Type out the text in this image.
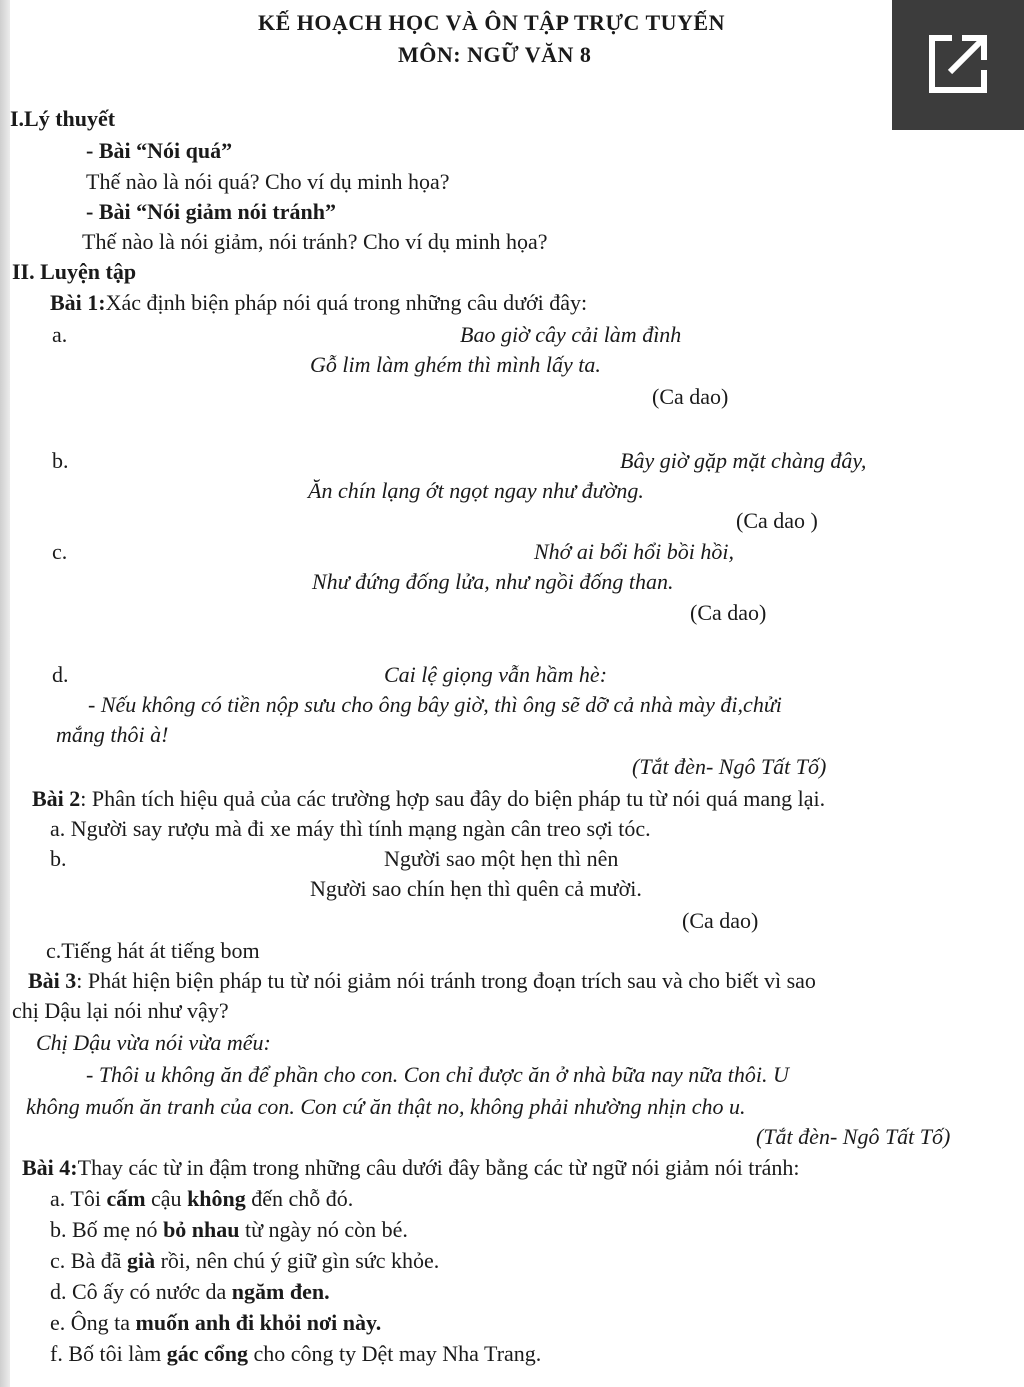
KẾ HOẠCH HỌC VÀ ÔN TẬP TRỰC TUYẾN
MÔN: NGỮ VĂN 8
I.Lý thuyết
- Bài “Nói quá”
Thế nào là nói quá? Cho ví dụ minh họa?
- Bài “Nói giảm nói tránh”
Thế nào là nói giảm, nói tránh? Cho ví dụ minh họa?
II. Luyện tập
Bài 1:Xác định biện pháp nói quá trong những câu dưới đây:
a.	Bao giờ cây cải làm đình
Gỗ lim làm ghém thì mình lấy ta.
(Ca dao)
b.	Bây giờ gặp mặt chàng đây,
Ăn chín lạng ớt ngọt ngay như đường.
(Ca dao )
c.	Nhớ ai bổi hổi bồi hồi,
Như đứng đống lửa, như ngồi đống than.
(Ca dao)
d.	Cai lệ giọng vẫn hầm hè:
- Nếu không có tiền nộp sưu cho ông bây giờ, thì ông sẽ dỡ cả nhà mày đi,chửi
mắng thôi à!
(Tắt đèn- Ngô Tất Tố)
Bài 2: Phân tích hiệu quả của các trường hợp sau đây do biện pháp tu từ nói quá mang lại.
a. Người say rượu mà đi xe máy thì tính mạng ngàn cân treo sợi tóc.
b.	Người sao một hẹn thì nên
Người sao chín hẹn thì quên cả mười.
(Ca dao)
c.Tiếng hát át tiếng bom
Bài 3: Phát hiện biện pháp tu từ nói giảm nói tránh trong đoạn trích sau và cho biết vì sao
chị Dậu lại nói như vậy?
Chị Dậu vừa nói vừa mếu:
- Thôi u không ăn để phần cho con. Con chỉ được ăn ở nhà bữa nay nữa thôi. U
không muốn ăn tranh của con. Con cứ ăn thật no, không phải nhường nhịn cho u.
(Tắt đèn- Ngô Tất Tố)
Bài 4:Thay các từ in đậm trong những câu dưới đây bằng các từ ngữ nói giảm nói tránh:
a. Tôi cấm cậu không đến chỗ đó.
b. Bố mẹ nó bỏ nhau từ ngày nó còn bé.
c. Bà đã già rồi, nên chú ý giữ gìn sức khỏe.
d. Cô ấy có nước da ngăm đen.
e. Ông ta muốn anh đi khỏi nơi này.
f. Bố tôi làm gác cổng cho công ty Dệt may Nha Trang.
